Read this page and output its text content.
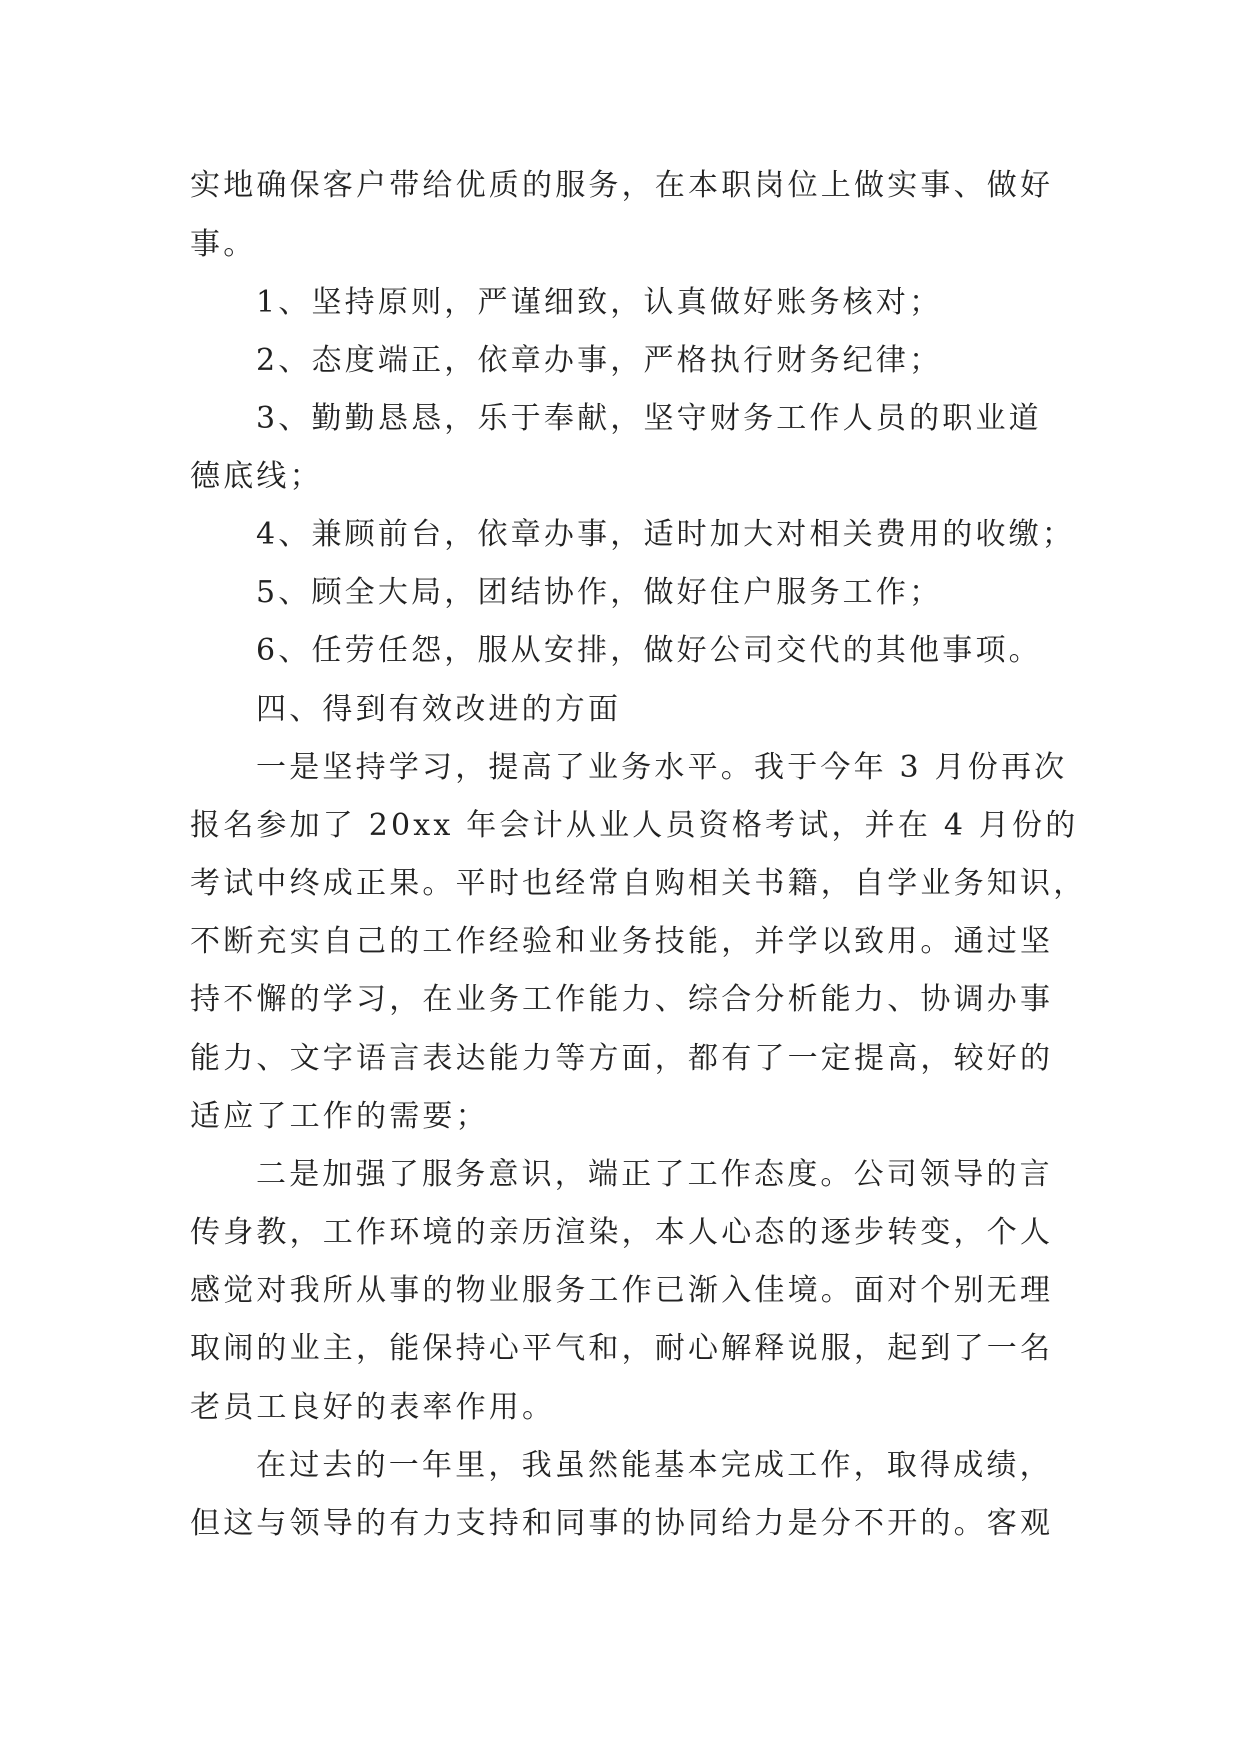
实地确保客户带给优质的服务，在本职岗位上做实事、做好
事。
1、坚持原则，严谨细致，认真做好账务核对；
2、态度端正，依章办事，严格执行财务纪律；
3、勤勤恳恳，乐于奉献，坚守财务工作人员的职业道
德底线；
4、兼顾前台，依章办事，适时加大对相关费用的收缴；
5、顾全大局，团结协作，做好住户服务工作；
6、任劳任怨，服从安排，做好公司交代的其他事项。
四、得到有效改进的方面
一是坚持学习，提高了业务水平。我于今年 3 月份再次
报名参加了 20xx 年会计从业人员资格考试，并在 4 月份的
考试中终成正果。平时也经常自购相关书籍，自学业务知识，
不断充实自己的工作经验和业务技能，并学以致用。通过坚
持不懈的学习，在业务工作能力、综合分析能力、协调办事
能力、文字语言表达能力等方面，都有了一定提高，较好的
适应了工作的需要；
二是加强了服务意识，端正了工作态度。公司领导的言
传身教，工作环境的亲历渲染，本人心态的逐步转变，个人
感觉对我所从事的物业服务工作已渐入佳境。面对个别无理
取闹的业主，能保持心平气和，耐心解释说服，起到了一名
老员工良好的表率作用。
在过去的一年里，我虽然能基本完成工作，取得成绩，
但这与领导的有力支持和同事的协同给力是分不开的。客观
